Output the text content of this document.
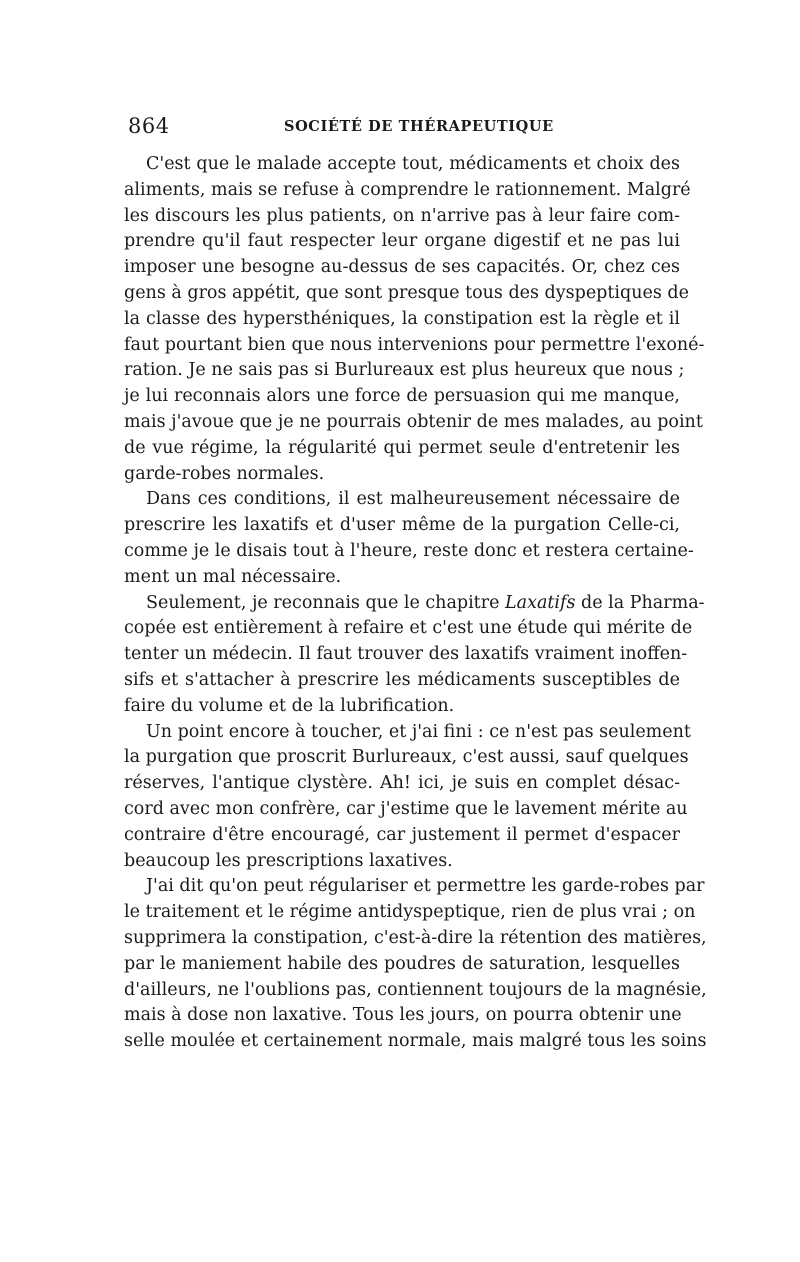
864	SOCIÉTÉ DE THÉRAPEUTIQUE
C'est que le malade accepte tout, médicaments et choix des
aliments, mais se refuse à comprendre le rationnement. Malgré
les discours les plus patients, on n'arrive pas à leur faire com-
prendre qu'il faut respecter leur organe digestif et ne pas lui
imposer une besogne au-dessus de ses capacités. Or, chez ces
gens à gros appétit, que sont presque tous des dyspeptiques de
la classe des hypersthéniques, la constipation est la règle et il
faut pourtant bien que nous intervenions pour permettre l'exoné-
ration. Je ne sais pas si Burlureaux est plus heureux que nous ;
je lui reconnais alors une force de persuasion qui me manque,
mais j'avoue que je ne pourrais obtenir de mes malades, au point
de vue régime, la régularité qui permet seule d'entretenir les
garde-robes normales.
Dans ces conditions, il est malheureusement nécessaire de
prescrire les laxatifs et d'user même de la purgation Celle-ci,
comme je le disais tout à l'heure, reste donc et restera certaine-
ment un mal nécessaire.
Seulement, je reconnais que le chapitre Laxatifs de la Pharma-
copée est entièrement à refaire et c'est une étude qui mérite de
tenter un médecin. Il faut trouver des laxatifs vraiment inoffen-
sifs et s'attacher à prescrire les médicaments susceptibles de
faire du volume et de la lubrification.
Un point encore à toucher, et j'ai fini : ce n'est pas seulement
la purgation que proscrit Burlureaux, c'est aussi, sauf quelques
réserves, l'antique clystère. Ah! ici, je suis en complet désac-
cord avec mon confrère, car j'estime que le lavement mérite au
contraire d'être encouragé, car justement il permet d'espacer
beaucoup les prescriptions laxatives.
J'ai dit qu'on peut régulariser et permettre les garde-robes par
le traitement et le régime antidyspeptique, rien de plus vrai ; on
supprimera la constipation, c'est-à-dire la rétention des matières,
par le maniement habile des poudres de saturation, lesquelles
d'ailleurs, ne l'oublions pas, contiennent toujours de la magnésie,
mais à dose non laxative. Tous les jours, on pourra obtenir une
selle moulée et certainement normale, mais malgré tous les soins
